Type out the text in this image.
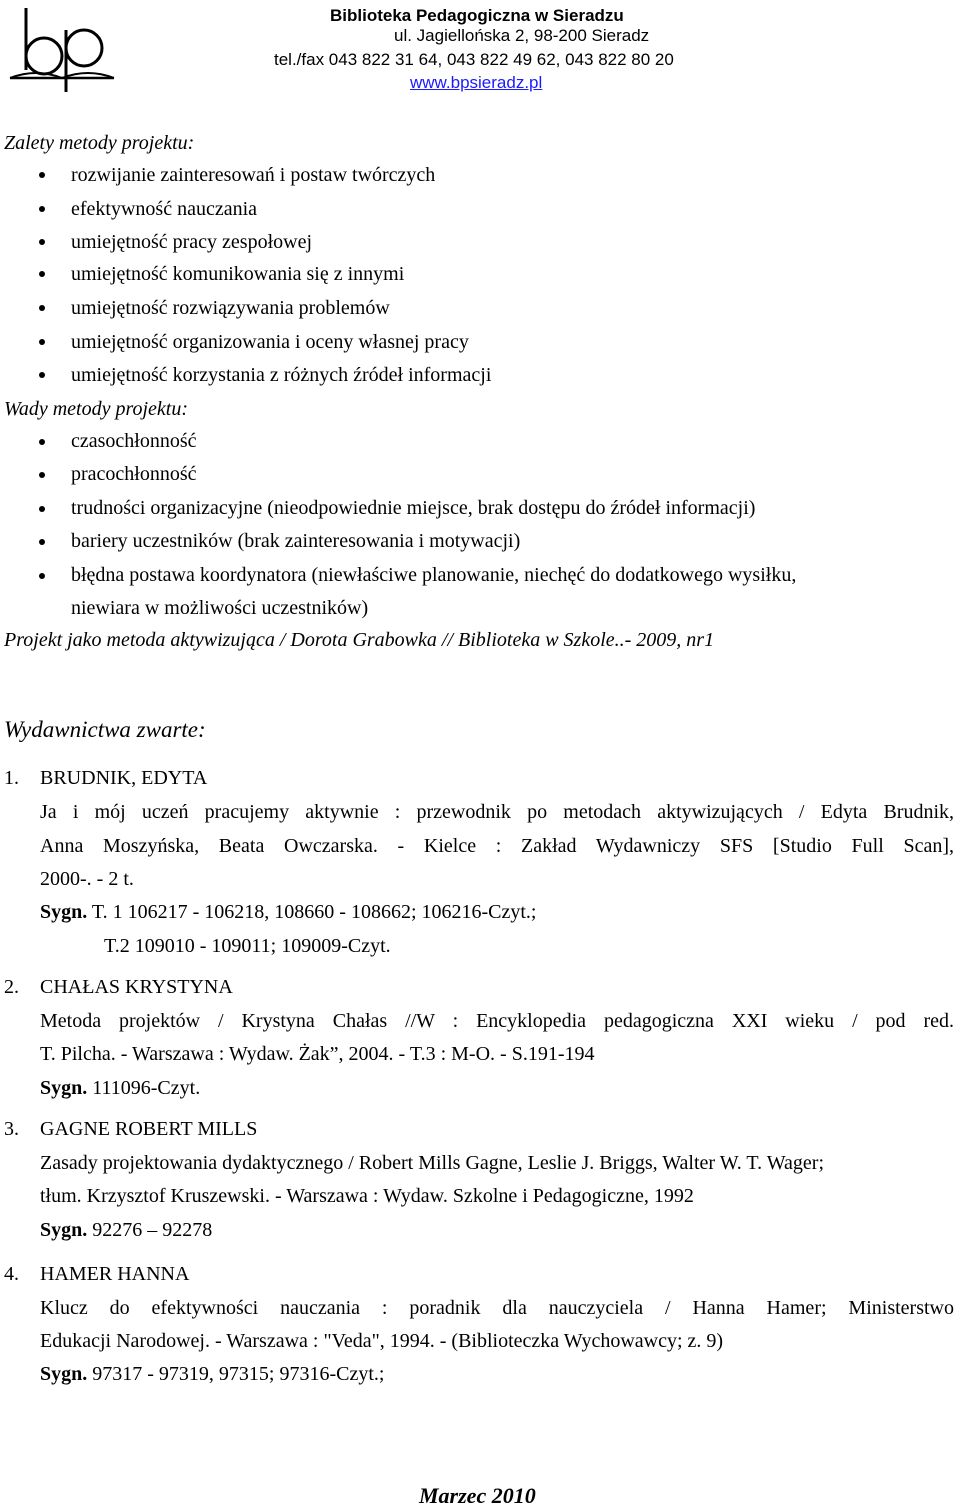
Biblioteka Pedagogiczna w Sieradzu
ul. Jagiellońska 2, 98-200 Sieradz
tel./fax 043 822 31 64, 043 822 49 62, 043 822 80 20
www.bpsieradz.pl
Zalety metody projektu:
rozwijanie zainteresowań i postaw twórczych
efektywność nauczania
umiejętność pracy zespołowej
umiejętność komunikowania się z innymi
umiejętność rozwiązywania problemów
umiejętność organizowania i oceny własnej pracy
umiejętność korzystania z różnych źródeł informacji
Wady metody projektu:
czasochłonność
pracochłonność
trudności organizacyjne (nieodpowiednie miejsce, brak dostępu do źródeł informacji)
bariery uczestników (brak zainteresowania i motywacji)
błędna postawa koordynatora (niewłaściwe planowanie, niechęć do dodatkowego wysiłku,
niewiara w możliwości uczestników)
Projekt jako metoda aktywizująca / Dorota Grabowka // Biblioteka w Szkole..- 2009, nr1
Wydawnictwa zwarte:
1. BRUDNIK, EDYTA
Ja i mój uczeń pracujemy aktywnie : przewodnik po metodach aktywizujących / Edyta Brudnik,
Anna Moszyńska, Beata Owczarska. - Kielce : Zakład Wydawniczy SFS [Studio Full Scan],
2000-. - 2 t.
Sygn. T. 1 106217 - 106218, 108660 - 108662; 106216-Czyt.;
T.2 109010 - 109011; 109009-Czyt.
2. CHAŁAS KRYSTYNA
Metoda projektów / Krystyna Chałas //W : Encyklopedia pedagogiczna XXI wieku / pod red.
T. Pilcha. - Warszawa : Wydaw. Żak”, 2004. - T.3 : M-O. - S.191-194
Sygn. 111096-Czyt.
3. GAGNE ROBERT MILLS
Zasady projektowania dydaktycznego / Robert Mills Gagne, Leslie J. Briggs, Walter W. T. Wager;
tłum. Krzysztof Kruszewski. - Warszawa : Wydaw. Szkolne i Pedagogiczne, 1992
Sygn. 92276 – 92278
4. HAMER HANNA
Klucz do efektywności nauczania : poradnik dla nauczyciela / Hanna Hamer; Ministerstwo
Edukacji Narodowej. - Warszawa : "Veda", 1994. - (Biblioteczka Wychowawcy; z. 9)
Sygn. 97317 - 97319, 97315; 97316-Czyt.;
Marzec 2010
